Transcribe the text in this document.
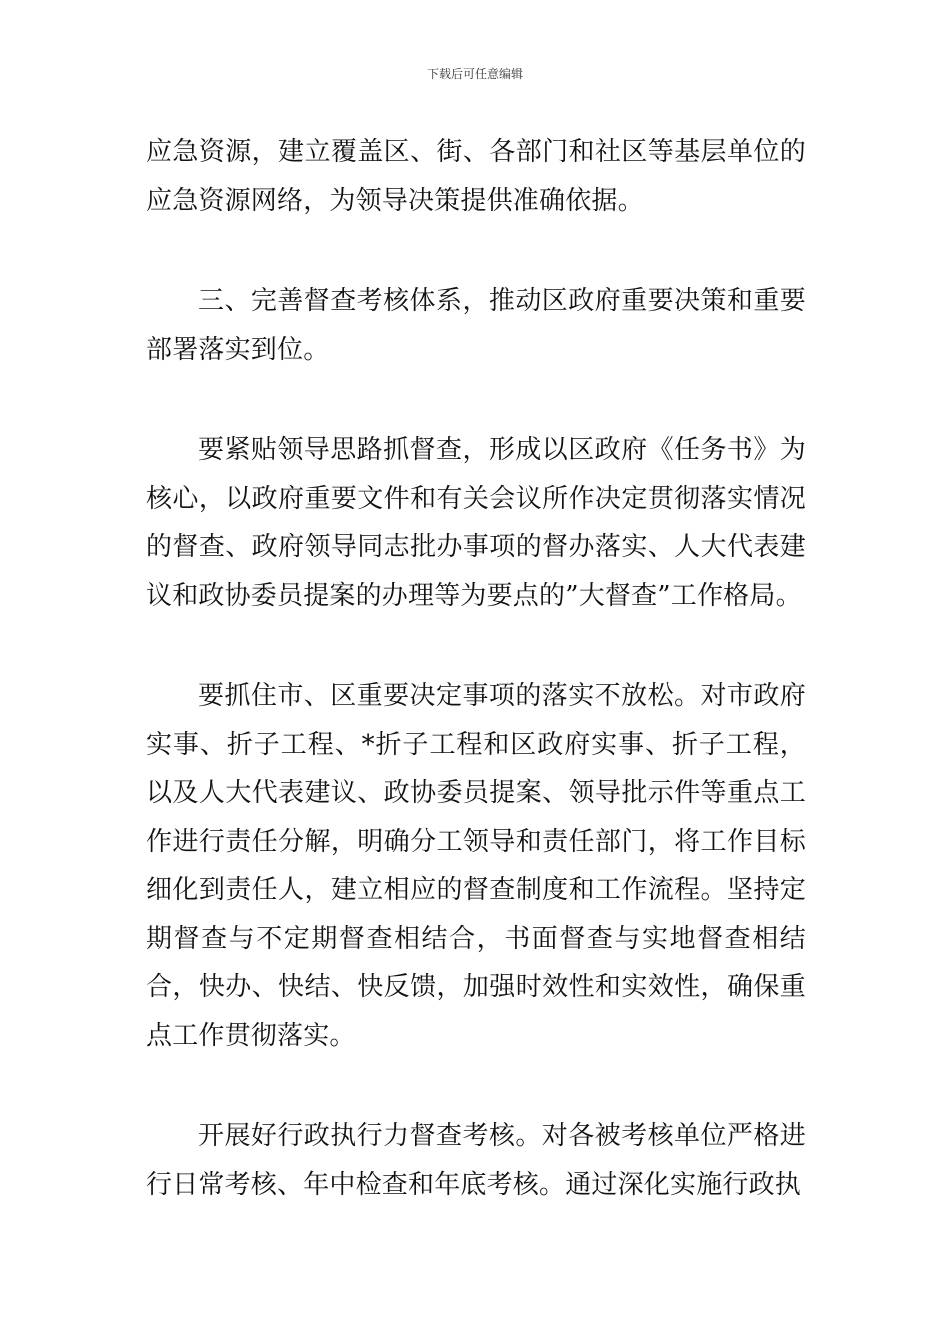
下载后可任意编辑

应急资源，建立覆盖区、街、各部门和社区等基层单位的应急资源网络，为领导决策提供准确依据。

三、完善督查考核体系，推动区政府重要决策和重要部署落实到位。

要紧贴领导思路抓督查，形成以区政府《任务书》为核心，以政府重要文件和有关会议所作决定贯彻落实情况的督查、政府领导同志批办事项的督办落实、人大代表建议和政协委员提案的办理等为要点的”大督查”工作格局。

要抓住市、区重要决定事项的落实不放松。对市政府实事、折子工程、*折子工程和区政府实事、折子工程，以及人大代表建议、政协委员提案、领导批示件等重点工作进行责任分解，明确分工领导和责任部门，将工作目标细化到责任人，建立相应的督查制度和工作流程。坚持定期督查与不定期督查相结合，书面督查与实地督查相结合，快办、快结、快反馈，加强时效性和实效性，确保重点工作贯彻落实。

开展好行政执行力督查考核。对各被考核单位严格进行日常考核、年中检查和年底考核。通过深化实施行政执
